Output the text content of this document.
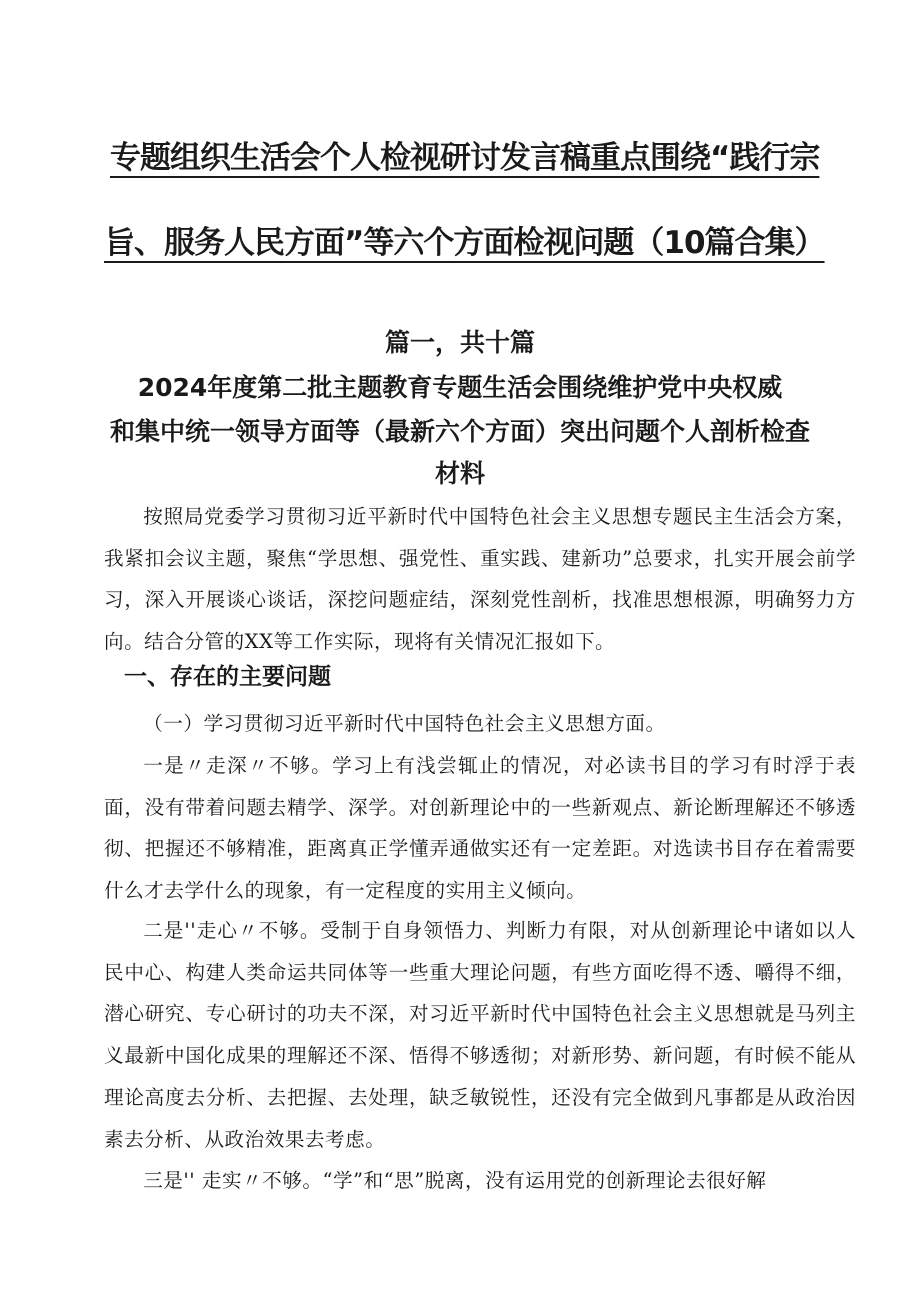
专题组织生活会个人检视研讨发言稿重点围绕“践行宗
旨、服务人民方面”等六个方面检视问题（10篇合集）
篇一，共十篇
2024年度第二批主题教育专题生活会围绕维护党中央权威
和集中统一领导方面等（最新六个方面）突出问题个人剖析检查
材料

按照局党委学习贯彻习近平新时代中国特色社会主义思想专题民主生活会方案，我紧扣会议主题，聚焦“学思想、强党性、重实践、建新功”总要求，扎实开展会前学习，深入开展谈心谈话，深挖问题症结，深刻党性剖析，找准思想根源，明确努力方向。结合分管的XX等工作实际，现将有关情况汇报如下。

一、存在的主要问题

（一）学习贯彻习近平新时代中国特色社会主义思想方面。

一是〃走深〃不够。学习上有浅尝辄止的情况，对必读书目的学习有时浮于表面，没有带着问题去精学、深学。对创新理论中的一些新观点、新论断理解还不够透彻、把握还不够精准，距离真正学懂弄通做实还有一定差距。对选读书目存在着需要什么才去学什么的现象，有一定程度的实用主义倾向。

二是''走心〃不够。受制于自身领悟力、判断力有限，对从创新理论中诸如以人民中心、构建人类命运共同体等一些重大理论问题，有些方面吃得不透、嚼得不细，潜心研究、专心研讨的功夫不深，对习近平新时代中国特色社会主义思想就是马列主义最新中国化成果的理解还不深、悟得不够透彻；对新形势、新问题，有时候不能从理论高度去分析、去把握、去处理，缺乏敏锐性，还没有完全做到凡事都是从政治因素去分析、从政治效果去考虑。

三是'' 走实〃不够。“学”和“思”脱离，没有运用党的创新理论去很好解
